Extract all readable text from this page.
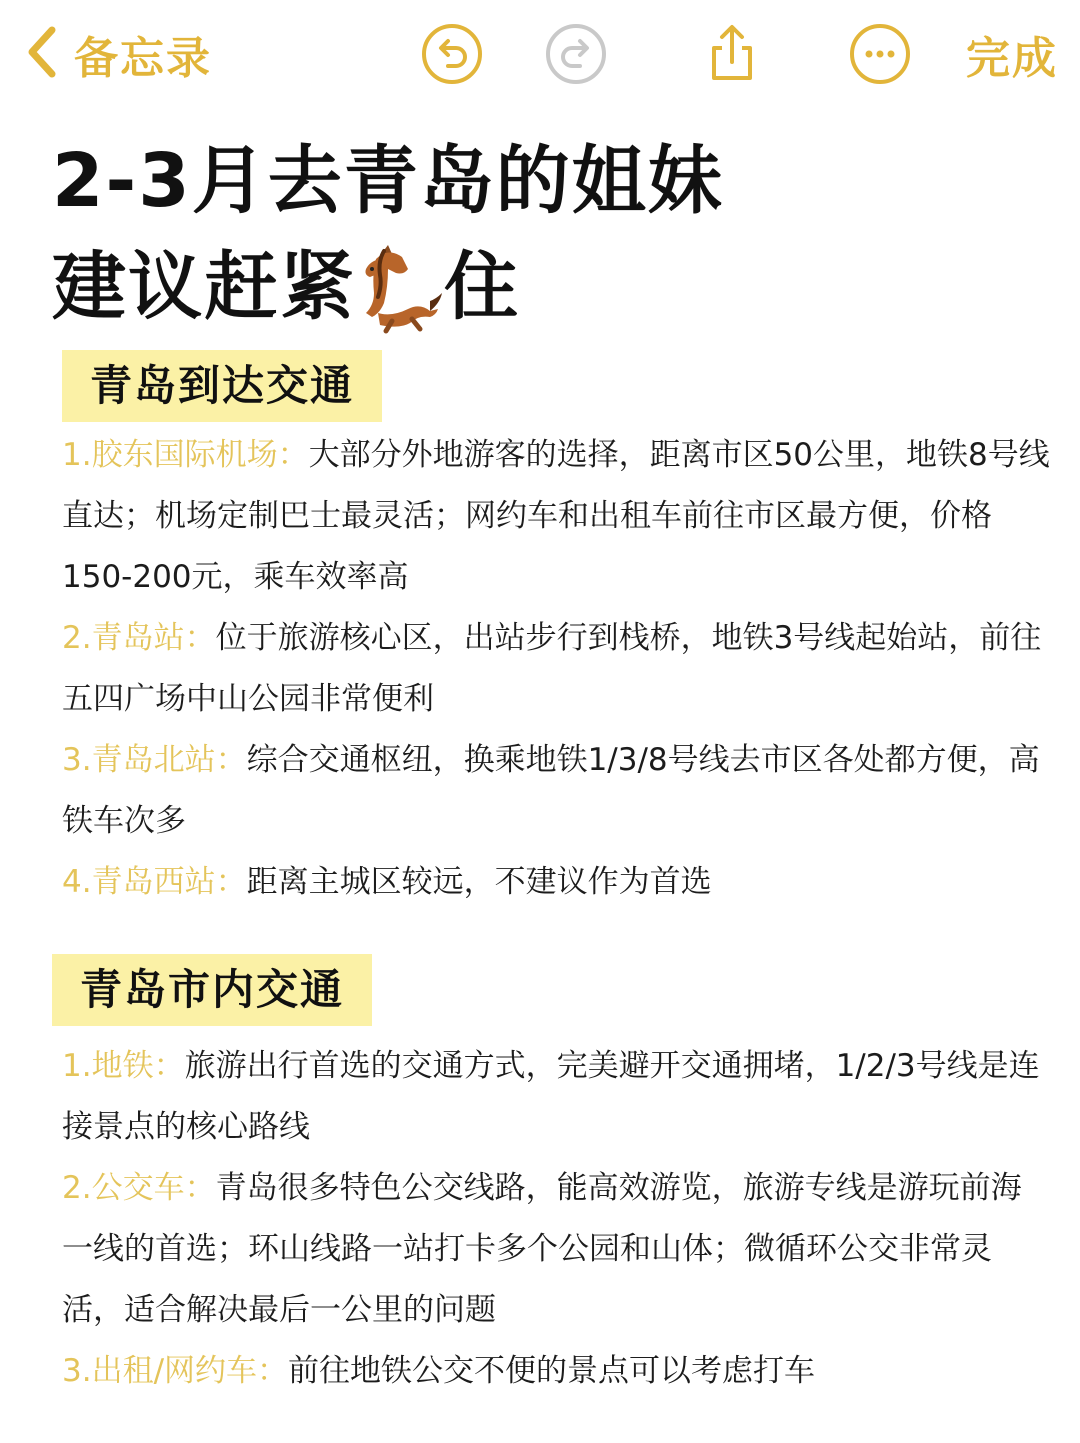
备忘录	完成
2-3月去青岛的姐妹
建议赶紧 住
青岛到达交通
1.胶东国际机场：大部分外地游客的选择，距离市区50公里，地铁8号线直达；机场定制巴士最灵活；网约车和出租车前往市区最方便，价格150-200元，乘车效率高
2.青岛站：位于旅游核心区，出站步行到栈桥，地铁3号线起始站，前往五四广场中山公园非常便利
3.青岛北站：综合交通枢纽，换乘地铁1/3/8号线去市区各处都方便，高铁车次多
4.青岛西站：距离主城区较远，不建议作为首选
青岛市内交通
1.地铁：旅游出行首选的交通方式，完美避开交通拥堵，1/2/3号线是连接景点的核心路线
2.公交车：青岛很多特色公交线路，能高效游览，旅游专线是游玩前海一线的首选；环山线路一站打卡多个公园和山体；微循环公交非常灵活，适合解决最后一公里的问题
3.出租/网约车：前往地铁公交不便的景点可以考虑打车
